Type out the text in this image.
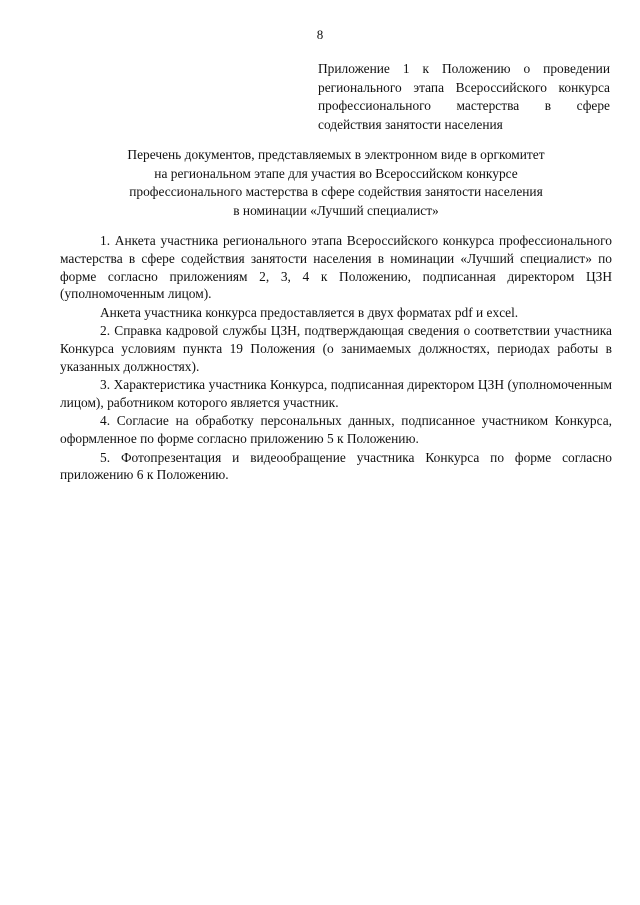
8
Приложение 1 к Положению о проведении регионального этапа Всероссийского конкурса профессионального мастерства в сфере содействия занятости населения
Перечень документов, представляемых в электронном виде в оргкомитет
на региональном этапе для участия во Всероссийском конкурсе
профессионального мастерства в сфере содействия занятости населения
в номинации «Лучший специалист»

1. Анкета участника регионального этапа Всероссийского конкурса профессионального мастерства в сфере содействия занятости населения в номинации «Лучший специалист» по форме согласно приложениям 2, 3, 4 к Положению, подписанная директором ЦЗН (уполномоченным лицом).

Анкета участника конкурса предоставляется в двух форматах pdf и excel.

2. Справка кадровой службы ЦЗН, подтверждающая сведения о соответствии участника Конкурса условиям пункта 19 Положения (о занимаемых должностях, периодах работы в указанных должностях).

3. Характеристика участника Конкурса, подписанная директором ЦЗН (уполномоченным лицом), работником которого является участник.

4. Согласие на обработку персональных данных, подписанное участником Конкурса, оформленное по форме согласно приложению 5 к Положению.

5. Фотопрезентация и видеообращение участника Конкурса по форме согласно приложению 6 к Положению.
